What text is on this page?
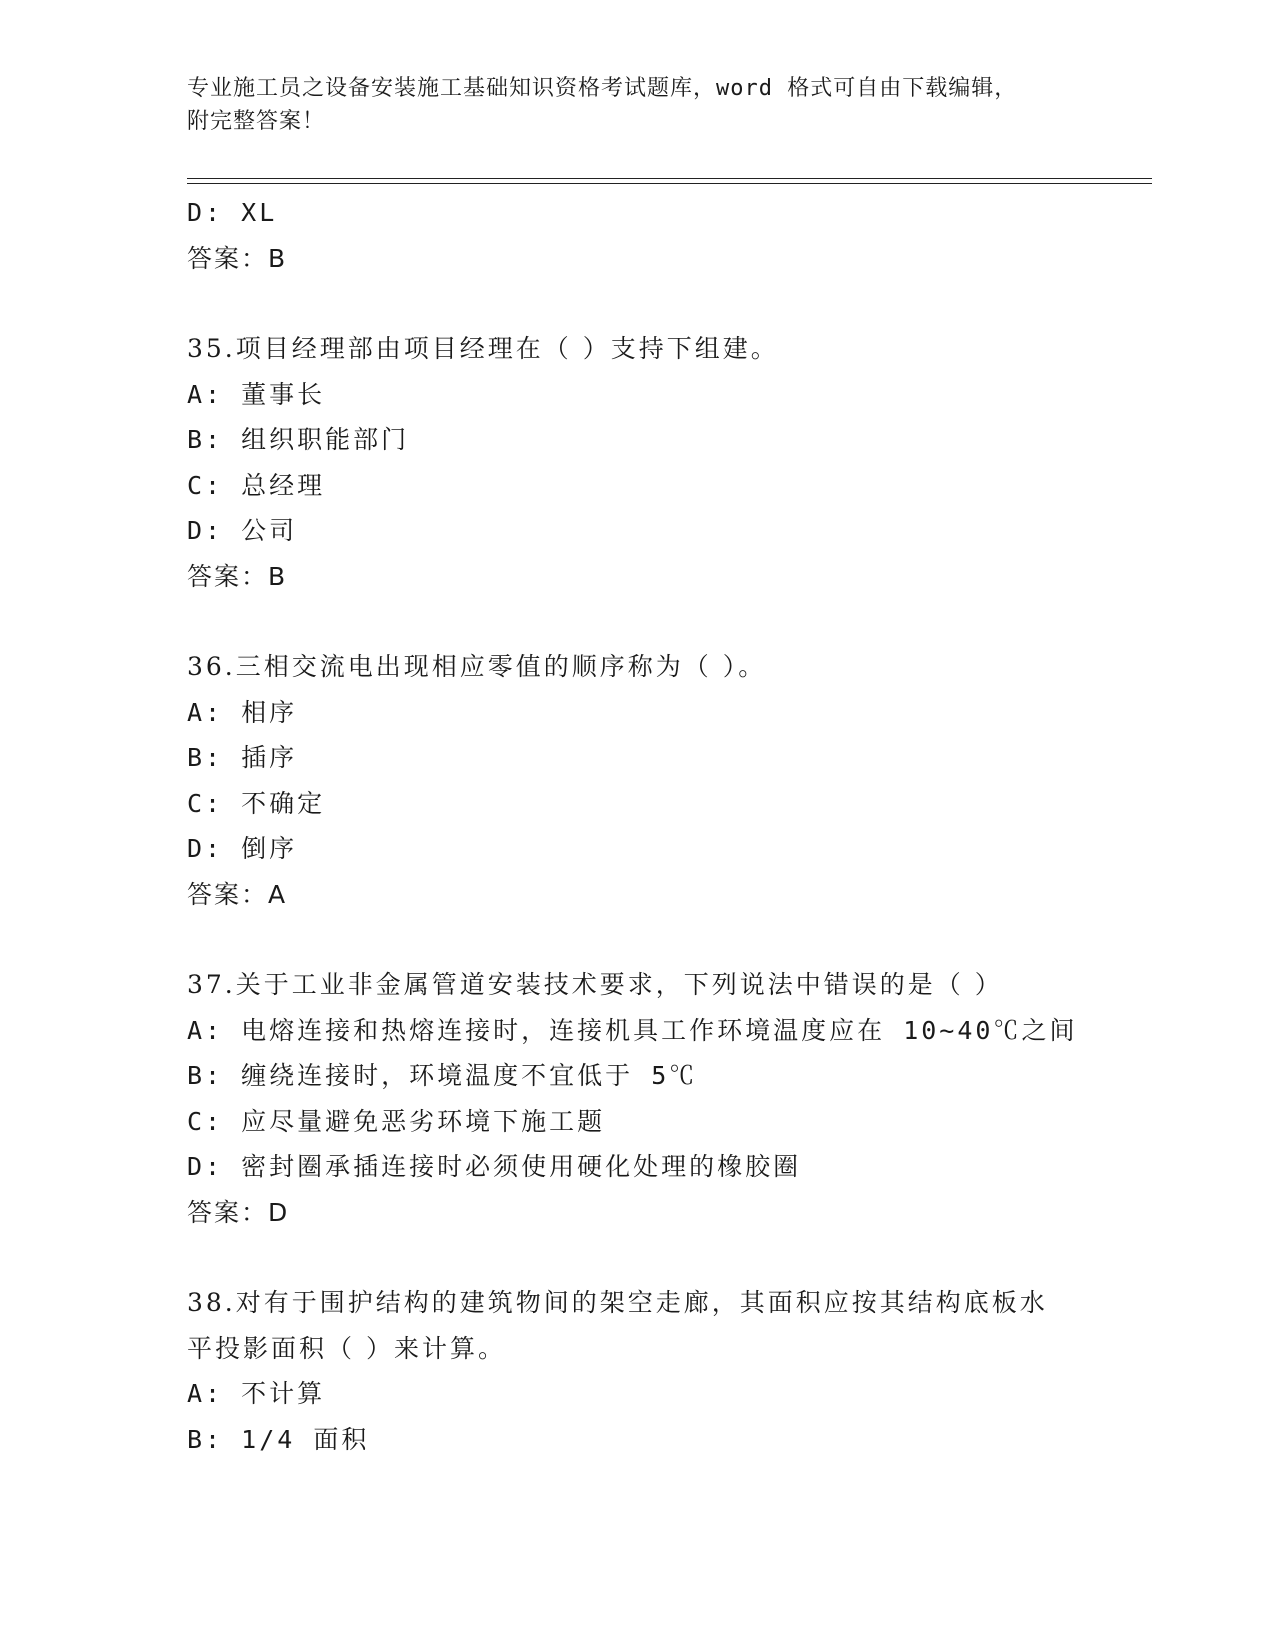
专业施工员之设备安装施工基础知识资格考试题库，word 格式可自由下载编辑，
附完整答案！
D: XL
答案：B
35.项目经理部由项目经理在（ ）支持下组建。
A: 董事长
B: 组织职能部门
C: 总经理
D: 公司
答案：B
36.三相交流电出现相应零值的顺序称为（ ）。
A: 相序
B: 插序
C: 不确定
D: 倒序
答案：A
37.关于工业非金属管道安装技术要求，下列说法中错误的是（ ）
A: 电熔连接和热熔连接时，连接机具工作环境温度应在 10~40℃之间
B: 缠绕连接时，环境温度不宜低于 5℃
C: 应尽量避免恶劣环境下施工题
D: 密封圈承插连接时必须使用硬化处理的橡胶圈
答案：D
38.对有于围护结构的建筑物间的架空走廊，其面积应按其结构底板水
平投影面积（ ）来计算。
A: 不计算
B: 1/4 面积
